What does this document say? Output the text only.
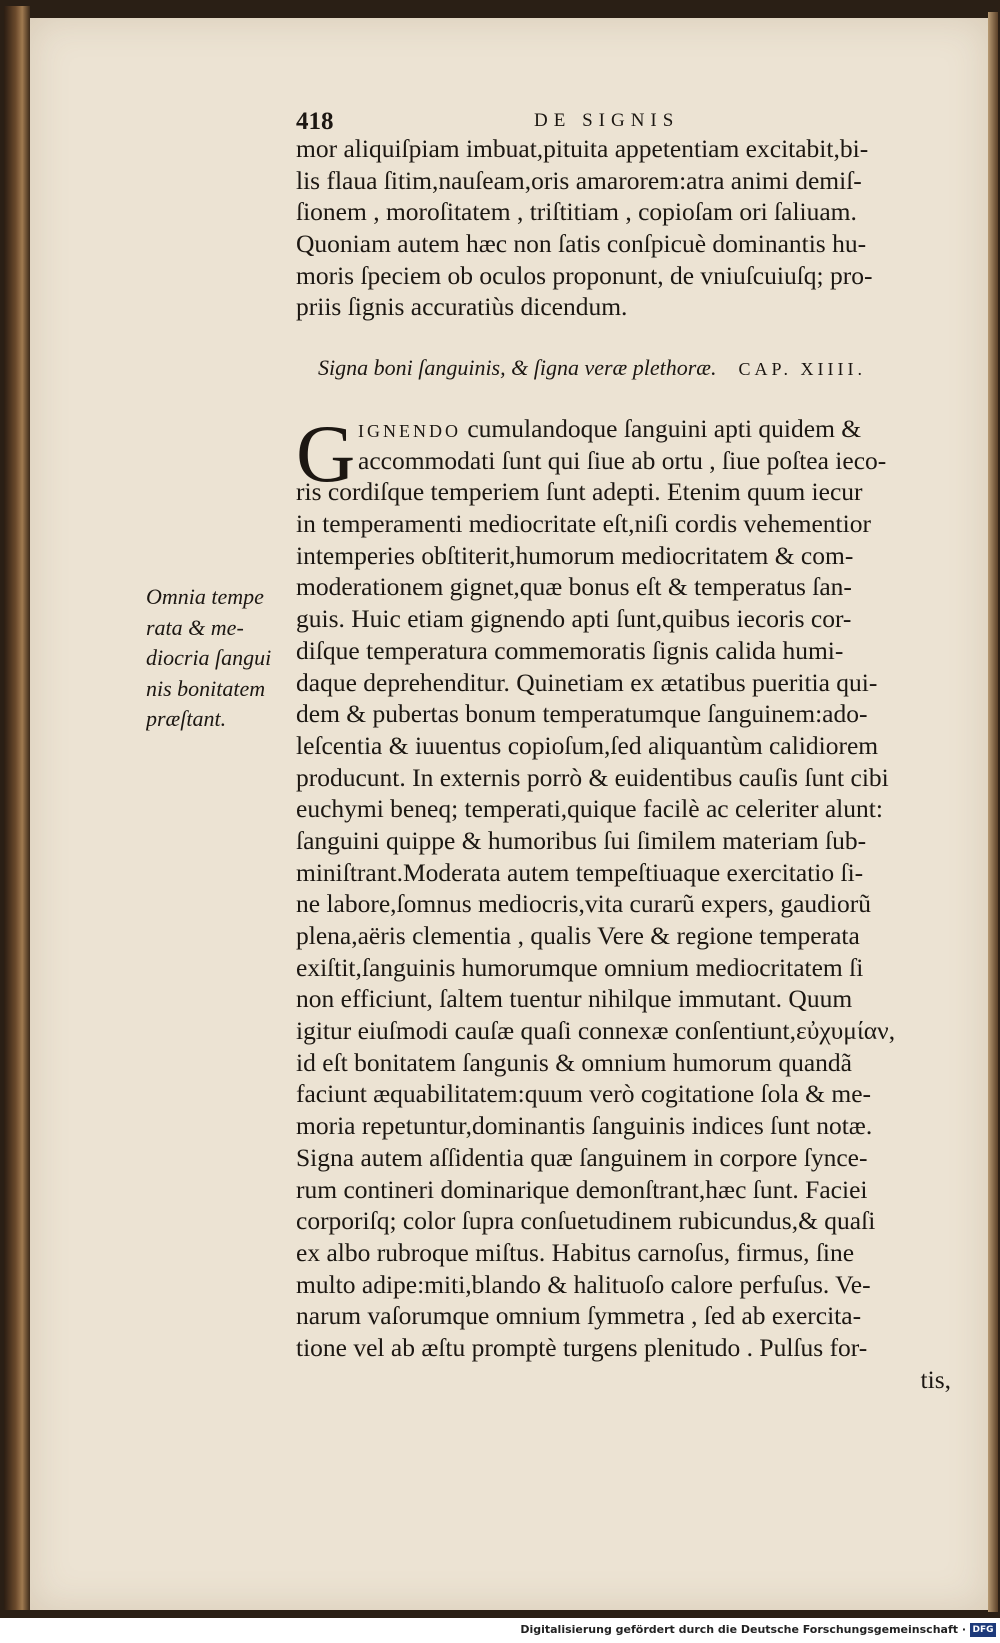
418	DE SIGNIS
mor aliquiſpiam imbuat,pituita appetentiam excitabit,bi-
lis flaua ſitim,nauſeam,oris amarorem:atra animi demiſ-
ſionem , moroſitatem , triſtitiam , copioſam ori ſaliuam.
Quoniam autem hæc non ſatis conſpicuè dominantis hu-
moris ſpeciem ob oculos proponunt, de vniuſcuiuſq; pro-
priis ſignis accuratiùs dicendum.
Signa boni ſanguinis, & ſigna veræ plethoræ. CAP. XIIII.
G IGNENDO cumulandoque ſanguini apti quidem &
accommodati ſunt qui ſiue ab ortu , ſiue poſtea ieco-
ris cordiſque temperiem ſunt adepti. Etenim quum iecur
in temperamenti mediocritate eſt,niſi cordis vehementior
intemperies obſtiterit,humorum mediocritatem & com-
moderationem gignet,quæ bonus eſt & temperatus ſan-
guis. Huic etiam gignendo apti ſunt,quibus iecoris cor-
diſque temperatura commemoratis ſignis calida humi-
daque deprehenditur. Quinetiam ex ætatibus pueritia qui-
dem & pubertas bonum temperatumque ſanguinem:ado-
leſcentia & iuuentus copioſum,ſed aliquantùm calidiorem
producunt. In externis porrò & euidentibus cauſis ſunt cibi
euchymi beneq; temperati,quique facilè ac celeriter alunt:
ſanguini quippe & humoribus ſui ſimilem materiam ſub-
miniſtrant.Moderata autem tempeſtiuaque exercitatio ſi-
ne labore,ſomnus mediocris,vita curarũ expers, gaudiorũ
plena,aëris clementia , qualis Vere & regione temperata
exiſtit,ſanguinis humorumque omnium mediocritatem ſi
non efficiunt, ſaltem tuentur nihilque immutant. Quum
igitur eiuſmodi cauſæ quaſi connexæ conſentiunt,εὐχυμίαν,
id eſt bonitatem ſangunis & omnium humorum quandã
faciunt æquabilitatem:quum verò cogitatione ſola & me-
moria repetuntur,dominantis ſanguinis indices ſunt notæ.
Signa autem aſſidentia quæ ſanguinem in corpore ſynce-
rum contineri dominarique demonſtrant,hæc ſunt. Faciei
corporiſq; color ſupra conſuetudinem rubicundus,& quaſi
ex albo rubroque miſtus. Habitus carnoſus, firmus, ſine
multo adipe:miti,blando & halituoſo calore perfuſus. Ve-
narum vaſorumque omnium ſymmetra , ſed ab exercita-
tione vel ab æſtu promptè turgens plenitudo . Pulſus for-
tis,
Omnia tempe
rata & me-
diocria ſangui
nis bonitatem
præſtant.
Digitalisierung gefördert durch die Deutsche Forschungsgemeinschaft · DFG
